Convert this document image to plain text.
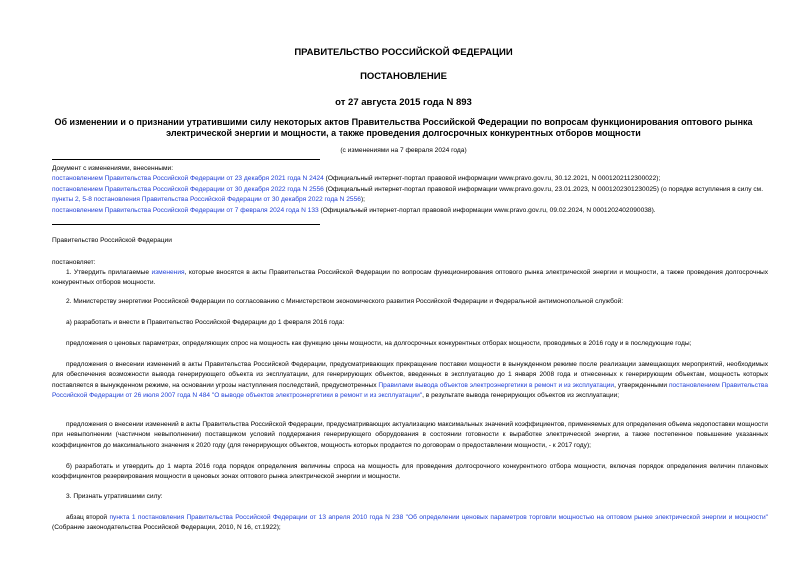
ПРАВИТЕЛЬСТВО РОССИЙСКОЙ ФЕДЕРАЦИИ
ПОСТАНОВЛЕНИЕ
от 27 августа 2015 года N 893
Об изменении и о признании утратившими силу некоторых актов Правительства Российской Федерации по вопросам функционирования оптового рынка
электрической энергии и мощности, а также проведения долгосрочных конкурентных отборов мощности
(с изменениями на 7 февраля 2024 года)

Документ с изменениями, внесенными:

постановлением Правительства Российской Федерации от 23 декабря 2021 года N 2424 (Официальный интернет-портал правовой информации www.pravo.gov.ru, 30.12.2021, N 0001202112300022);

постановлением Правительства Российской Федерации от 30 декабря 2022 года N 2556 (Официальный интернет-портал правовой информации www.pravo.gov.ru, 23.01.2023, N 0001202301230025) (о порядке вступления в силу см. пункты 2, 5-8 постановления Правительства Российской Федерации от 30 декабря 2022 года N 2556);

постановлением Правительства Российской Федерации от 7 февраля 2024 года N 133 (Официальный интернет-портал правовой информации www.pravo.gov.ru, 09.02.2024, N 0001202402090038).

Правительство Российской Федерации
постановляет:

1. Утвердить прилагаемые изменения, которые вносятся в акты Правительства Российской Федерации по вопросам функционирования оптового рынка электрической энергии и мощности, а также проведения долгосрочных конкурентных отборов мощности.

2. Министерству энергетики Российской Федерации по согласованию с Министерством экономического развития Российской Федерации и Федеральной антимонопольной службой:
а) разработать и внести в Правительство Российской Федерации до 1 февраля 2016 года:
предложения о ценовых параметрах, определяющих спрос на мощность как функцию цены мощности, на долгосрочных конкурентных отборах мощности, проводимых в 2016 году и в последующие годы;

предложения о внесении изменений в акты Правительства Российской Федерации, предусматривающих прекращение поставки мощности в вынужденном режиме после реализации замещающих мероприятий, необходимых для обеспечения возможности вывода генерирующего объекта из эксплуатации, для генерирующих объектов, введенных в эксплуатацию до 1 января 2008 года и отнесенных к генерирующим объектам, мощность которых поставляется в вынужденном режиме, на основании угрозы наступления последствий, предусмотренных Правилами вывода объектов электроэнергетики в ремонт и из эксплуатации, утвержденными постановлением Правительства Российской Федерации от 26 июля 2007 года N 484 "О выводе объектов электроэнергетики в ремонт и из эксплуатации", в результате вывода генерирующих объектов из эксплуатации;

предложения о внесении изменений в акты Правительства Российской Федерации, предусматривающих актуализацию максимальных значений коэффициентов, применяемых для определения объема недопоставки мощности при невыполнении (частичном невыполнении) поставщиком условий поддержания генерирующего оборудования в состоянии готовности к выработке электрической энергии, а также постепенное повышение указанных коэффициентов до максимального значения к 2020 году (для генерирующих объектов, мощность которых продается по договорам о предоставлении мощности, - к 2017 году);
б) разработать и утвердить до 1 марта 2016 года порядок определения величины спроса на мощность для проведения долгосрочного конкурентного отбора мощности, включая порядок определения величин плановых коэффициентов резервирования мощности в ценовых зонах оптового рынка электрической энергии и мощности.
3. Признать утратившими силу:

абзац второй пункта 1 постановления Правительства Российской Федерации от 13 апреля 2010 года N 238 "Об определении ценовых параметров торговли мощностью на оптовом рынке электрической энергии и мощности" (Собрание законодательства Российской Федерации, 2010, N 16, ст.1922);
